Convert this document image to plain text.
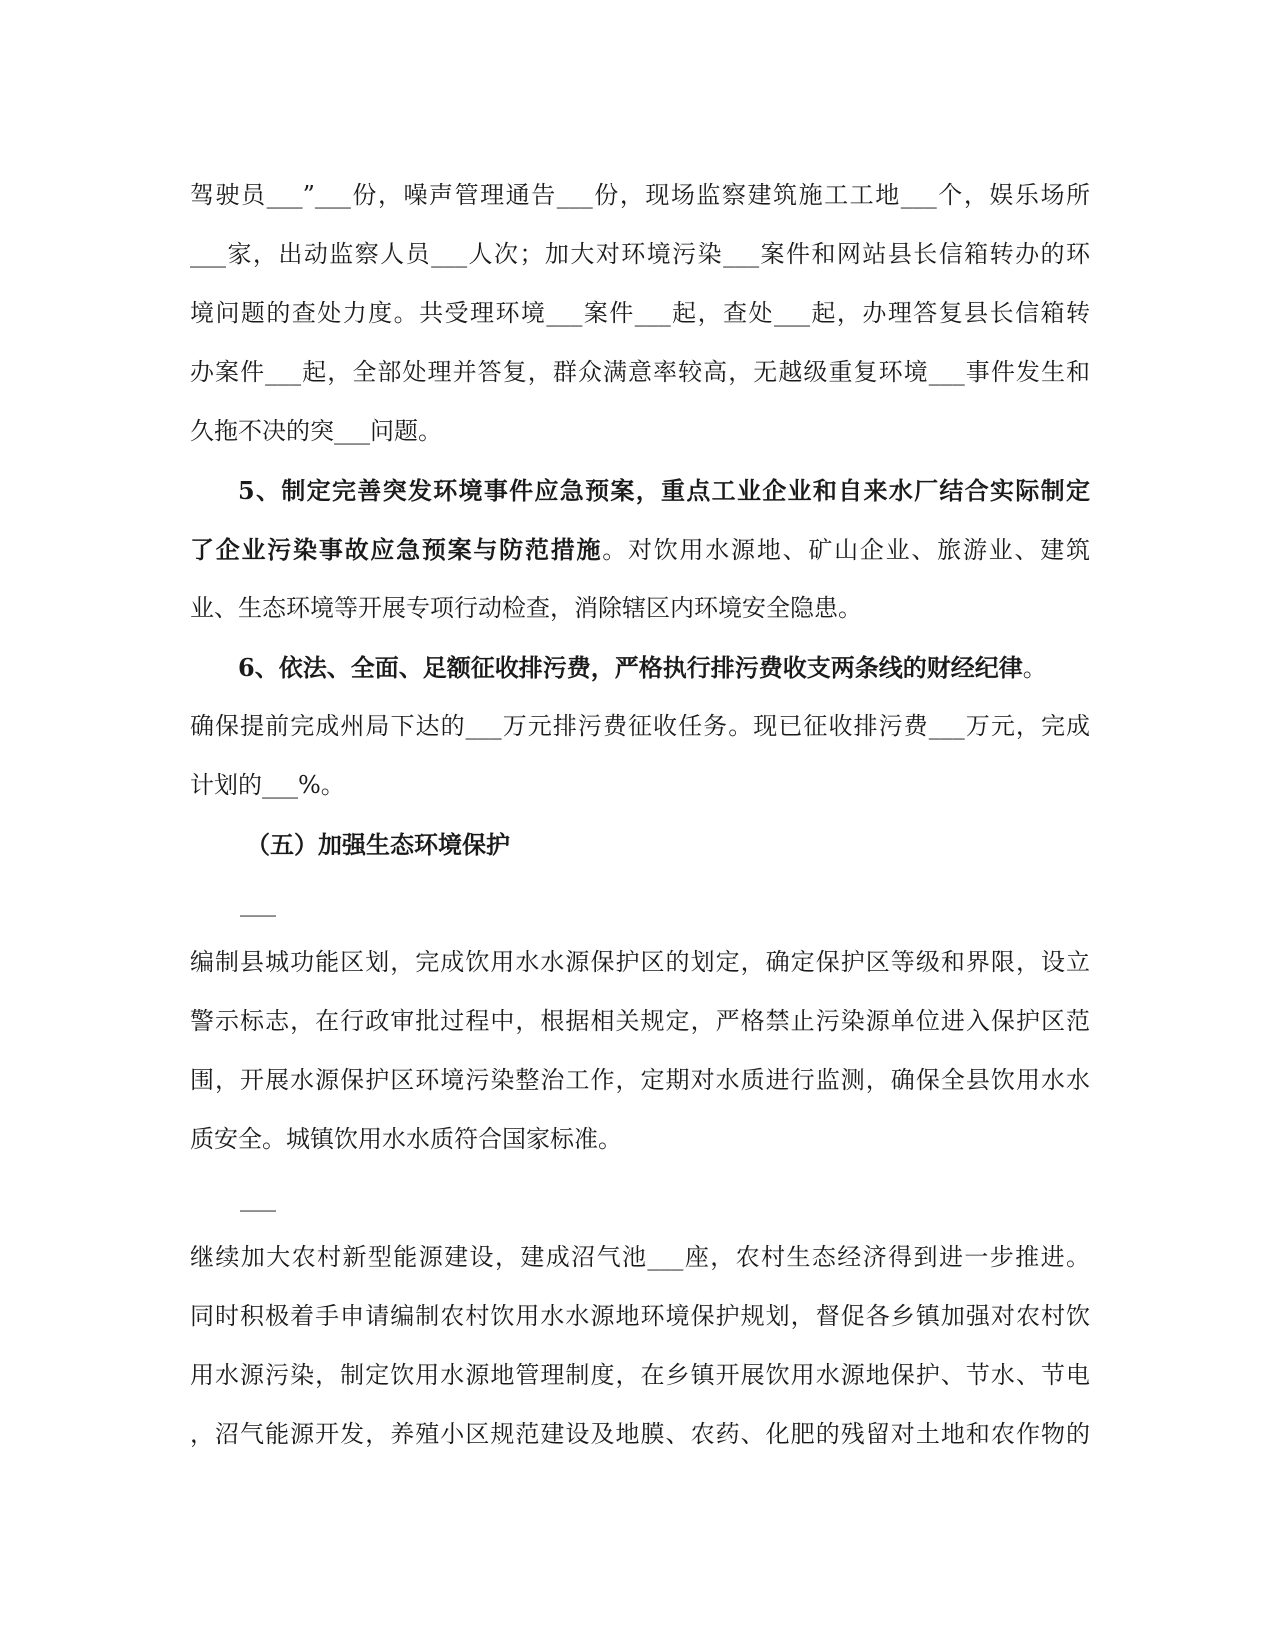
驾驶员___”___份，噪声管理通告___份，现场监察建筑施工工地___个，娱乐场所
___家，出动监察人员___人次；加大对环境污染___案件和网站县长信箱转办的环
境问题的查处力度。共受理环境___案件___起，查处___起，办理答复县长信箱转
办案件___起，全部处理并答复，群众满意率较高，无越级重复环境___事件发生和
久拖不决的突___问题。
5、制定完善突发环境事件应急预案，重点工业企业和自来水厂结合实际制定
了企业污染事故应急预案与防范措施。对饮用水源地、矿山企业、旅游业、建筑
业、生态环境等开展专项行动检查，消除辖区内环境安全隐患。
6、依法、全面、足额征收排污费，严格执行排污费收支两条线的财经纪律。
确保提前完成州局下达的___万元排污费征收任务。现已征收排污费___万元，完成
计划的___%。
（五）加强生态环境保护
___
编制县城功能区划，完成饮用水水源保护区的划定，确定保护区等级和界限，设立
警示标志，在行政审批过程中，根据相关规定，严格禁止污染源单位进入保护区范
围，开展水源保护区环境污染整治工作，定期对水质进行监测，确保全县饮用水水
质安全。城镇饮用水水质符合国家标准。
___
继续加大农村新型能源建设，建成沼气池___座，农村生态经济得到进一步推进。
同时积极着手申请编制农村饮用水水源地环境保护规划，督促各乡镇加强对农村饮
用水源污染，制定饮用水源地管理制度，在乡镇开展饮用水源地保护、节水、节电
，沼气能源开发，养殖小区规范建设及地膜、农药、化肥的残留对土地和农作物的
